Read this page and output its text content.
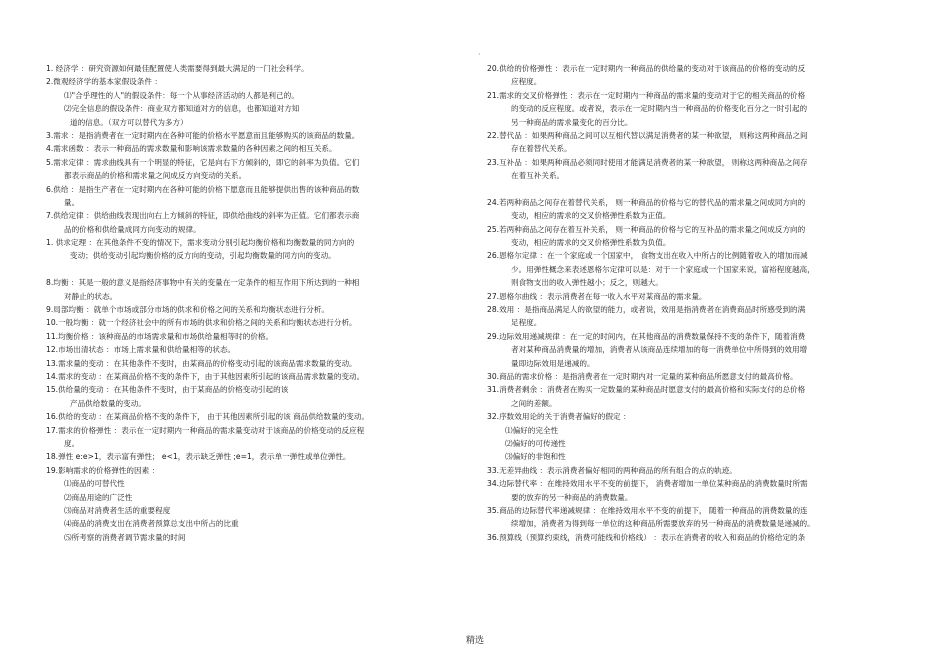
·
1. 经济学 ：研究资源如何最佳配置使人类需要得到最大满足的一门社会科学。
2.微观经济学的基本家假设条件 ：
⑴"合乎理性的人"的假设条件：每一个从事经济活动的人都是利己的。
⑵完全信息的假设条件：商业双方都知道对方的信息，也都知道对方知
道的信息。（双方可以替代为多方）
3.需求 ：是指消费者在一定时期内在各种可能的价格水平愿意而且能够购买的该商品的数量。
4.需求函数 ：表示一种商品的需求数量和影响该需求数量的各种因素之间的相互关系。
5.需求定律 ：需求曲线具有一个明显的特征，它是向右下方倾斜的，即它的斜率为负值。它们
都表示商品的价格和需求量之间成反方向变动的关系。
6.供给 ：是指生产者在一定时期内在各种可能的价格下愿意而且能够提供出售的该种商品的数
量。
7.供给定律 ：供给曲线表现出向右上方倾斜的特征，即供给曲线的斜率为正值。它们都表示商
品的价格和供给量成同方向变动的规律。
1. 供求定理 ：在其他条件不变的情况下，需求变动分别引起均衡价格和均衡数量的同方向的
变动；供给变动引起均衡价格的反方向的变动，引起均衡数量的同方向的变动。
8.均衡 ：其是一般的意义是指经济事物中有关的变量在一定条件的相互作用下所达到的一种相
对静止的状态。
9.局部均衡 ：就单个市场或部分市场的供求和价格之间的关系和均衡状态进行分析。
10.一般均衡 ：就一个经济社会中的所有市场的供求和价格之间的关系和均衡状态进行分析。
11.均衡价格 ：该种商品的市场需求量和市场供给量相等时的价格。
12.市场出清状态 ：市场上需求量和供给量相等的状态。
13.需求量的变动 ：在其他条件不变时，由某商品的价格变动引起的该商品需求数量的变动。
14.需求的变动 ：在某商品价格不变的条件下，由于其他因素所引起的该商品需求数量的变动。
15.供给量的变动 ：在其他条件不变时，由于某商品的价格变动引起的该
产品供给数量的变动。
16.供给的变动 ：在某商品价格不变的条件下， 由于其他因素所引起的该 商品供给数量的变动。
17.需求的价格弹性 ：表示在一定时期内一种商品的需求量变动对于该商品的价格变动的反应程
度。
18.弹性 e:e>1，表示富有弹性； e<1，表示缺乏弹性 ;e=1，表示单一弹性或单位弹性。
19.影响需求的价格弹性的因素 ：
⑴商品的可替代性
⑵商品用途的广泛性
⑶商品对消费者生活的重要程度
⑷商品的消费支出在消费者预算总支出中所占的比重
⑸所考察的消费者调节需求量的时间
20.供给的价格弹性 ：表示在一定时期内一种商品的供给量的变动对于该商品的价格的变动的反
应程度。
21.需求的交叉价格弹性 ：表示在一定时期内一种商品的需求量的变动对于它的相关商品的价格
的变动的反应程度。或者说，表示在一定时期内当一种商品的价格变化百分之一时引起的
另一种商品的需求量变化的百分比。
22.替代品 ：如果两种商品之间可以互相代替以满足消费者的某一种欲望， 则称这两种商品之间
存在着替代关系。
23.互补品 ：如果两种商品必须同时使用才能满足消费者的某一种欲望， 则称这两种商品之间存
在着互补关系。
24.若两种商品之间存在着替代关系， 则一种商品的价格与它的替代品的需求量之间成同方向的
变动，相应的需求的交叉价格弹性系数为正值。
25.若两种商品之间存在着互补关系， 则一种商品的价格与它的互补品的需求量之间成反方向的
变动，相应的需求的交叉价格弹性系数为负值。
26.恩格尔定律 ：在一个家庭或一个国家中， 食物支出在收入中所占的比例随着收入的增加而减
少。用弹性概念来表述恩格尔定律可以是：对于一个家庭或一个国家来说，富裕程度越高，
则食物支出的收入弹性越小；反之，则越大。
27.恩格尔曲线 ：表示消费者在每一收入水平对某商品的需求量。
28.效用 ：是指商品满足人的欲望的能力，或者说，效用是指消费者在消费商品时所感受到的满
足程度。
29.边际效用递减规律 ：在一定的时间内，在其他商品的消费数量保持不变的条件下，随着消费
者对某种商品消费量的增加，消费者从该商品连续增加的每一消费单位中所得到的效用增
量即边际效用是递减的。
30.商品的需求价格 ：是指消费者在一定时期内对一定量的某种商品所愿意支付的最高价格。
31.消费者剩余 ：消费者在购买一定数量的某种商品时愿意支付的最高价格和实际支付的总价格
之间的差额。
32.序数效用论的关于消费者偏好的假定 ：
⑴偏好的完全性
⑵偏好的可传递性
⑶偏好的非饱和性
33.无差异曲线 ：表示消费者偏好相同的两种商品的所有组合的点的轨迹。
34.边际替代率 ：在维持效用水平不变的前提下， 消费者增加一单位某种商品的消费数量时所需
要的放弃的另一种商品的消费数量。
35.商品的边际替代率递减规律 ：在维持效用水平不变的前提下， 随着一种商品的消费数量的连
续增加，消费者为得到每一单位的这种商品所需要放弃的另一种商品的消费数量是递减的。
36.预算线（预算约束线，消费可能线和价格线） ：表示在消费者的收入和商品的价格给定的条
精选
